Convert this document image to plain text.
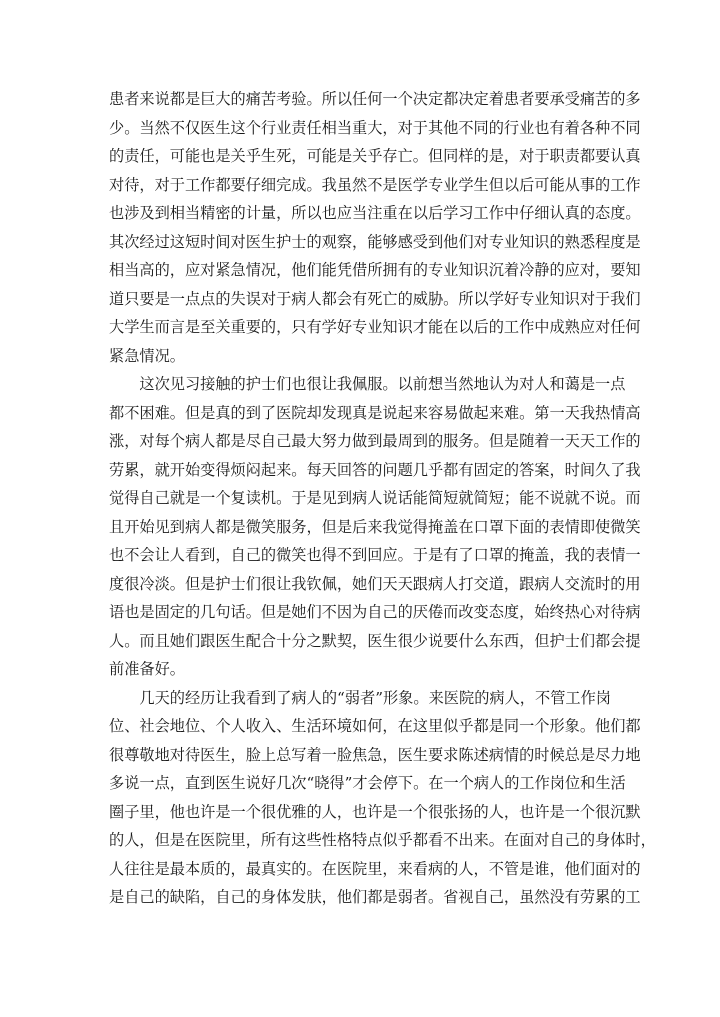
患者来说都是巨大的痛苦考验。所以任何一个决定都决定着患者要承受痛苦的多
少。当然不仅医生这个行业责任相当重大，对于其他不同的行业也有着各种不同
的责任，可能也是关乎生死，可能是关乎存亡。但同样的是，对于职责都要认真
对待，对于工作都要仔细完成。我虽然不是医学专业学生但以后可能从事的工作
也涉及到相当精密的计量，所以也应当注重在以后学习工作中仔细认真的态度。
其次经过这短时间对医生护士的观察，能够感受到他们对专业知识的熟悉程度是
相当高的，应对紧急情况，他们能凭借所拥有的专业知识沉着冷静的应对，要知
道只要是一点点的失误对于病人都会有死亡的威胁。所以学好专业知识对于我们
大学生而言是至关重要的，只有学好专业知识才能在以后的工作中成熟应对任何
紧急情况。
　　这次见习接触的护士们也很让我佩服。以前想当然地认为对人和蔼是一点
都不困难。但是真的到了医院却发现真是说起来容易做起来难。第一天我热情高
涨，对每个病人都是尽自己最大努力做到最周到的服务。但是随着一天天工作的
劳累，就开始变得烦闷起来。每天回答的问题几乎都有固定的答案，时间久了我
觉得自己就是一个复读机。于是见到病人说话能简短就简短；能不说就不说。而
且开始见到病人都是微笑服务，但是后来我觉得掩盖在口罩下面的表情即使微笑
也不会让人看到，自己的微笑也得不到回应。于是有了口罩的掩盖，我的表情一
度很冷淡。但是护士们很让我钦佩，她们天天跟病人打交道，跟病人交流时的用
语也是固定的几句话。但是她们不因为自己的厌倦而改变态度，始终热心对待病
人。而且她们跟医生配合十分之默契，医生很少说要什么东西，但护士们都会提
前准备好。
　　几天的经历让我看到了病人的“弱者”形象。来医院的病人，不管工作岗
位、社会地位、个人收入、生活环境如何，在这里似乎都是同一个形象。他们都
很尊敬地对待医生，脸上总写着一脸焦急，医生要求陈述病情的时候总是尽力地
多说一点，直到医生说好几次“晓得”才会停下。在一个病人的工作岗位和生活
圈子里，他也许是一个很优雅的人，也许是一个很张扬的人，也许是一个很沉默
的人，但是在医院里，所有这些性格特点似乎都看不出来。在面对自己的身体时，
人往往是最本质的，最真实的。在医院里，来看病的人，不管是谁，他们面对的
是自己的缺陷，自己的身体发肤，他们都是弱者。省视自己，虽然没有劳累的工
